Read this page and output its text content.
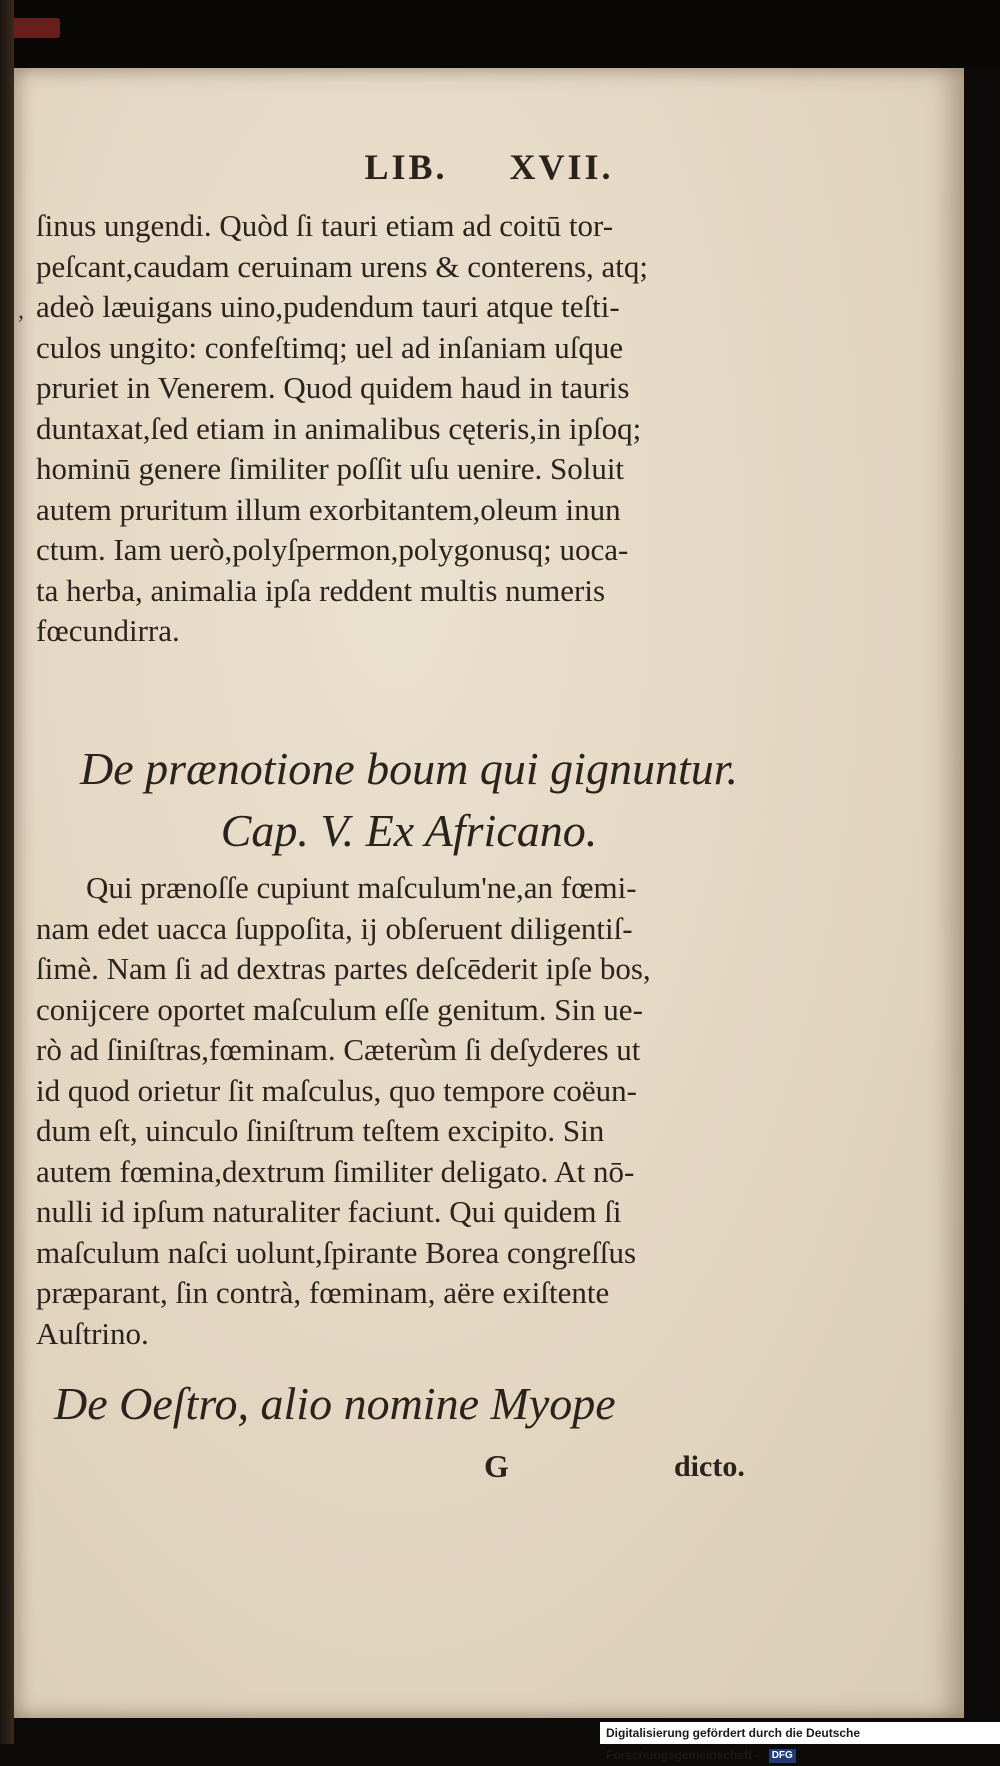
LIB. XVII.
ſinus ungendi. Quòd ſi tauri etiam ad coitū tor-
peſcant,caudam ceruinam urens & conterens, atq;
adeò læuigans uino,pudendum tauri atque teſti-
culos ungito: confeſtimq; uel ad inſaniam uſque
pruriet in Venerem. Quod quidem haud in tauris
duntaxat,ſed etiam in animalibus cęteris,in ipſoq;
hominū genere ſimiliter poſſit uſu uenire. Soluit
autem pruritum illum exorbitantem,oleum inun
ctum. Iam uerò,polyſpermon,polygonusq; uoca-
ta herba, animalia ipſa reddent multis numeris
fœcundirra.
De prænotione boum qui gignuntur.
Cap. V. Ex Africano.
Qui prænoſſe cupiunt maſculum'ne,an fœmi-
nam edet uacca ſuppoſita, ij obſeruent diligentiſ-
ſimè. Nam ſi ad dextras partes deſcēderit ipſe bos,
conijcere oportet maſculum eſſe genitum. Sin ue-
rò ad ſiniſtras,fœminam. Cæterùm ſi deſyderes ut
id quod orietur ſit maſculus, quo tempore coëun-
dum eſt, uinculo ſiniſtrum teſtem excipito. Sin
autem fœmina,dextrum ſimiliter deligato. At nō-
nulli id ipſum naturaliter faciunt. Qui quidem ſi
maſculum naſci uolunt,ſpirante Borea congreſſus
præparant, ſin contrà, fœminam, aëre exiſtente
Auſtrino.
De Oeſtro, alio nomine Myope
G	dicto.
,
Digitalisierung gefördert durch die Deutsche Forschungsgemeinschaft - DFG
